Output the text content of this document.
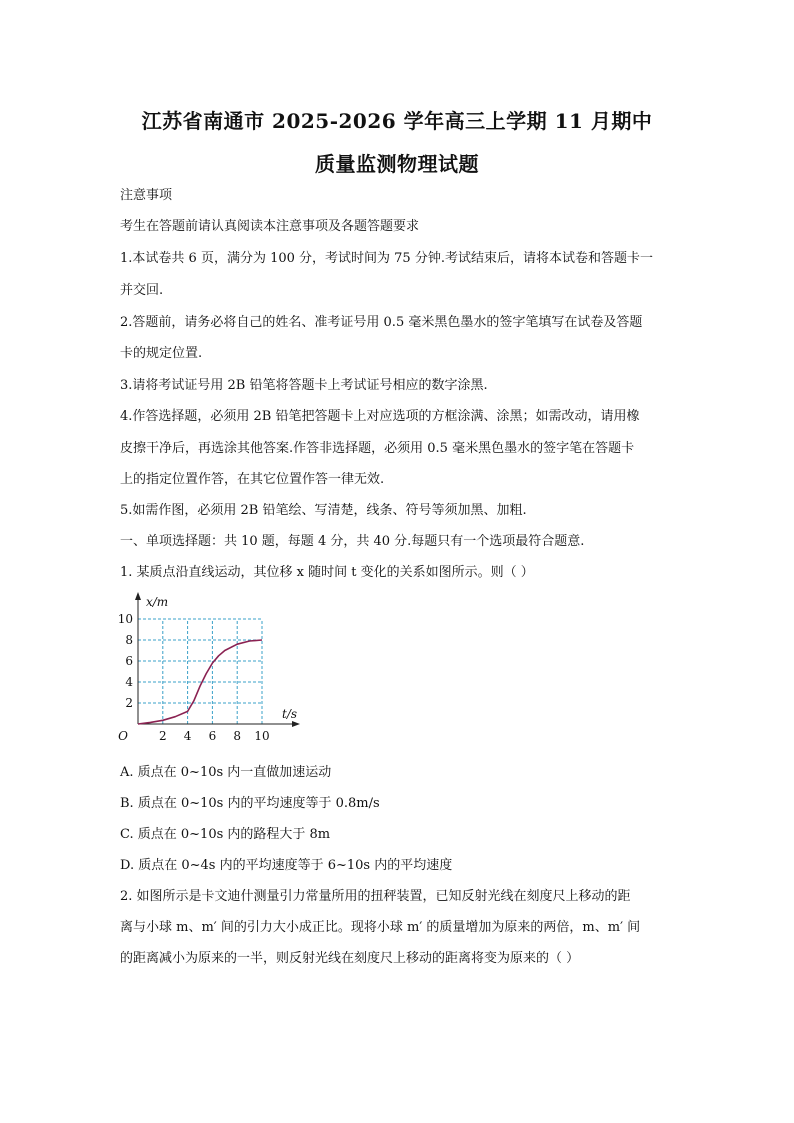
江苏省南通市 2025-2026 学年高三上学期 11 月期中
质量监测物理试题
注意事项
考生在答题前请认真阅读本注意事项及各题答题要求
1.本试卷共 6 页，满分为 100 分，考试时间为 75 分钟.考试结束后，请将本试卷和答题卡一
并交回.
2.答题前，请务必将自己的姓名、准考证号用 0.5 毫米黑色墨水的签字笔填写在试卷及答题
卡的规定位置.
3.请将考试证号用 2B 铅笔将答题卡上考试证号相应的数字涂黑.
4.作答选择题，必须用 2B 铅笔把答题卡上对应选项的方框涂满、涂黑；如需改动，请用橡
皮擦干净后，再选涂其他答案.作答非选择题，必须用 0.5 毫米黑色墨水的签字笔在答题卡
上的指定位置作答，在其它位置作答一律无效.
5.如需作图，必须用 2B 铅笔绘、写清楚，线条、符号等须加黑、加粗.
一、单项选择题：共 10 题，每题 4 分，共 40 分.每题只有一个选项最符合题意.
1. 某质点沿直线运动，其位移 x 随时间 t 变化的关系如图所示。则（ ）
2 4 6 8 10
2
4
6
8
10
O
x/m
t/s
A. 质点在 0~10s 内一直做加速运动
B. 质点在 0~10s 内的平均速度等于 0.8m/s
C. 质点在 0~10s 内的路程大于 8m
D. 质点在 0~4s 内的平均速度等于 6~10s 内的平均速度
2. 如图所示是卡文迪什测量引力常量所用的扭秤装置，已知反射光线在刻度尺上移动的距
离与小球 m、m′ 间的引力大小成正比。现将小球 m′ 的质量增加为原来的两倍，m、m′ 间
的距离减小为原来的一半，则反射光线在刻度尺上移动的距离将变为原来的（ ）
